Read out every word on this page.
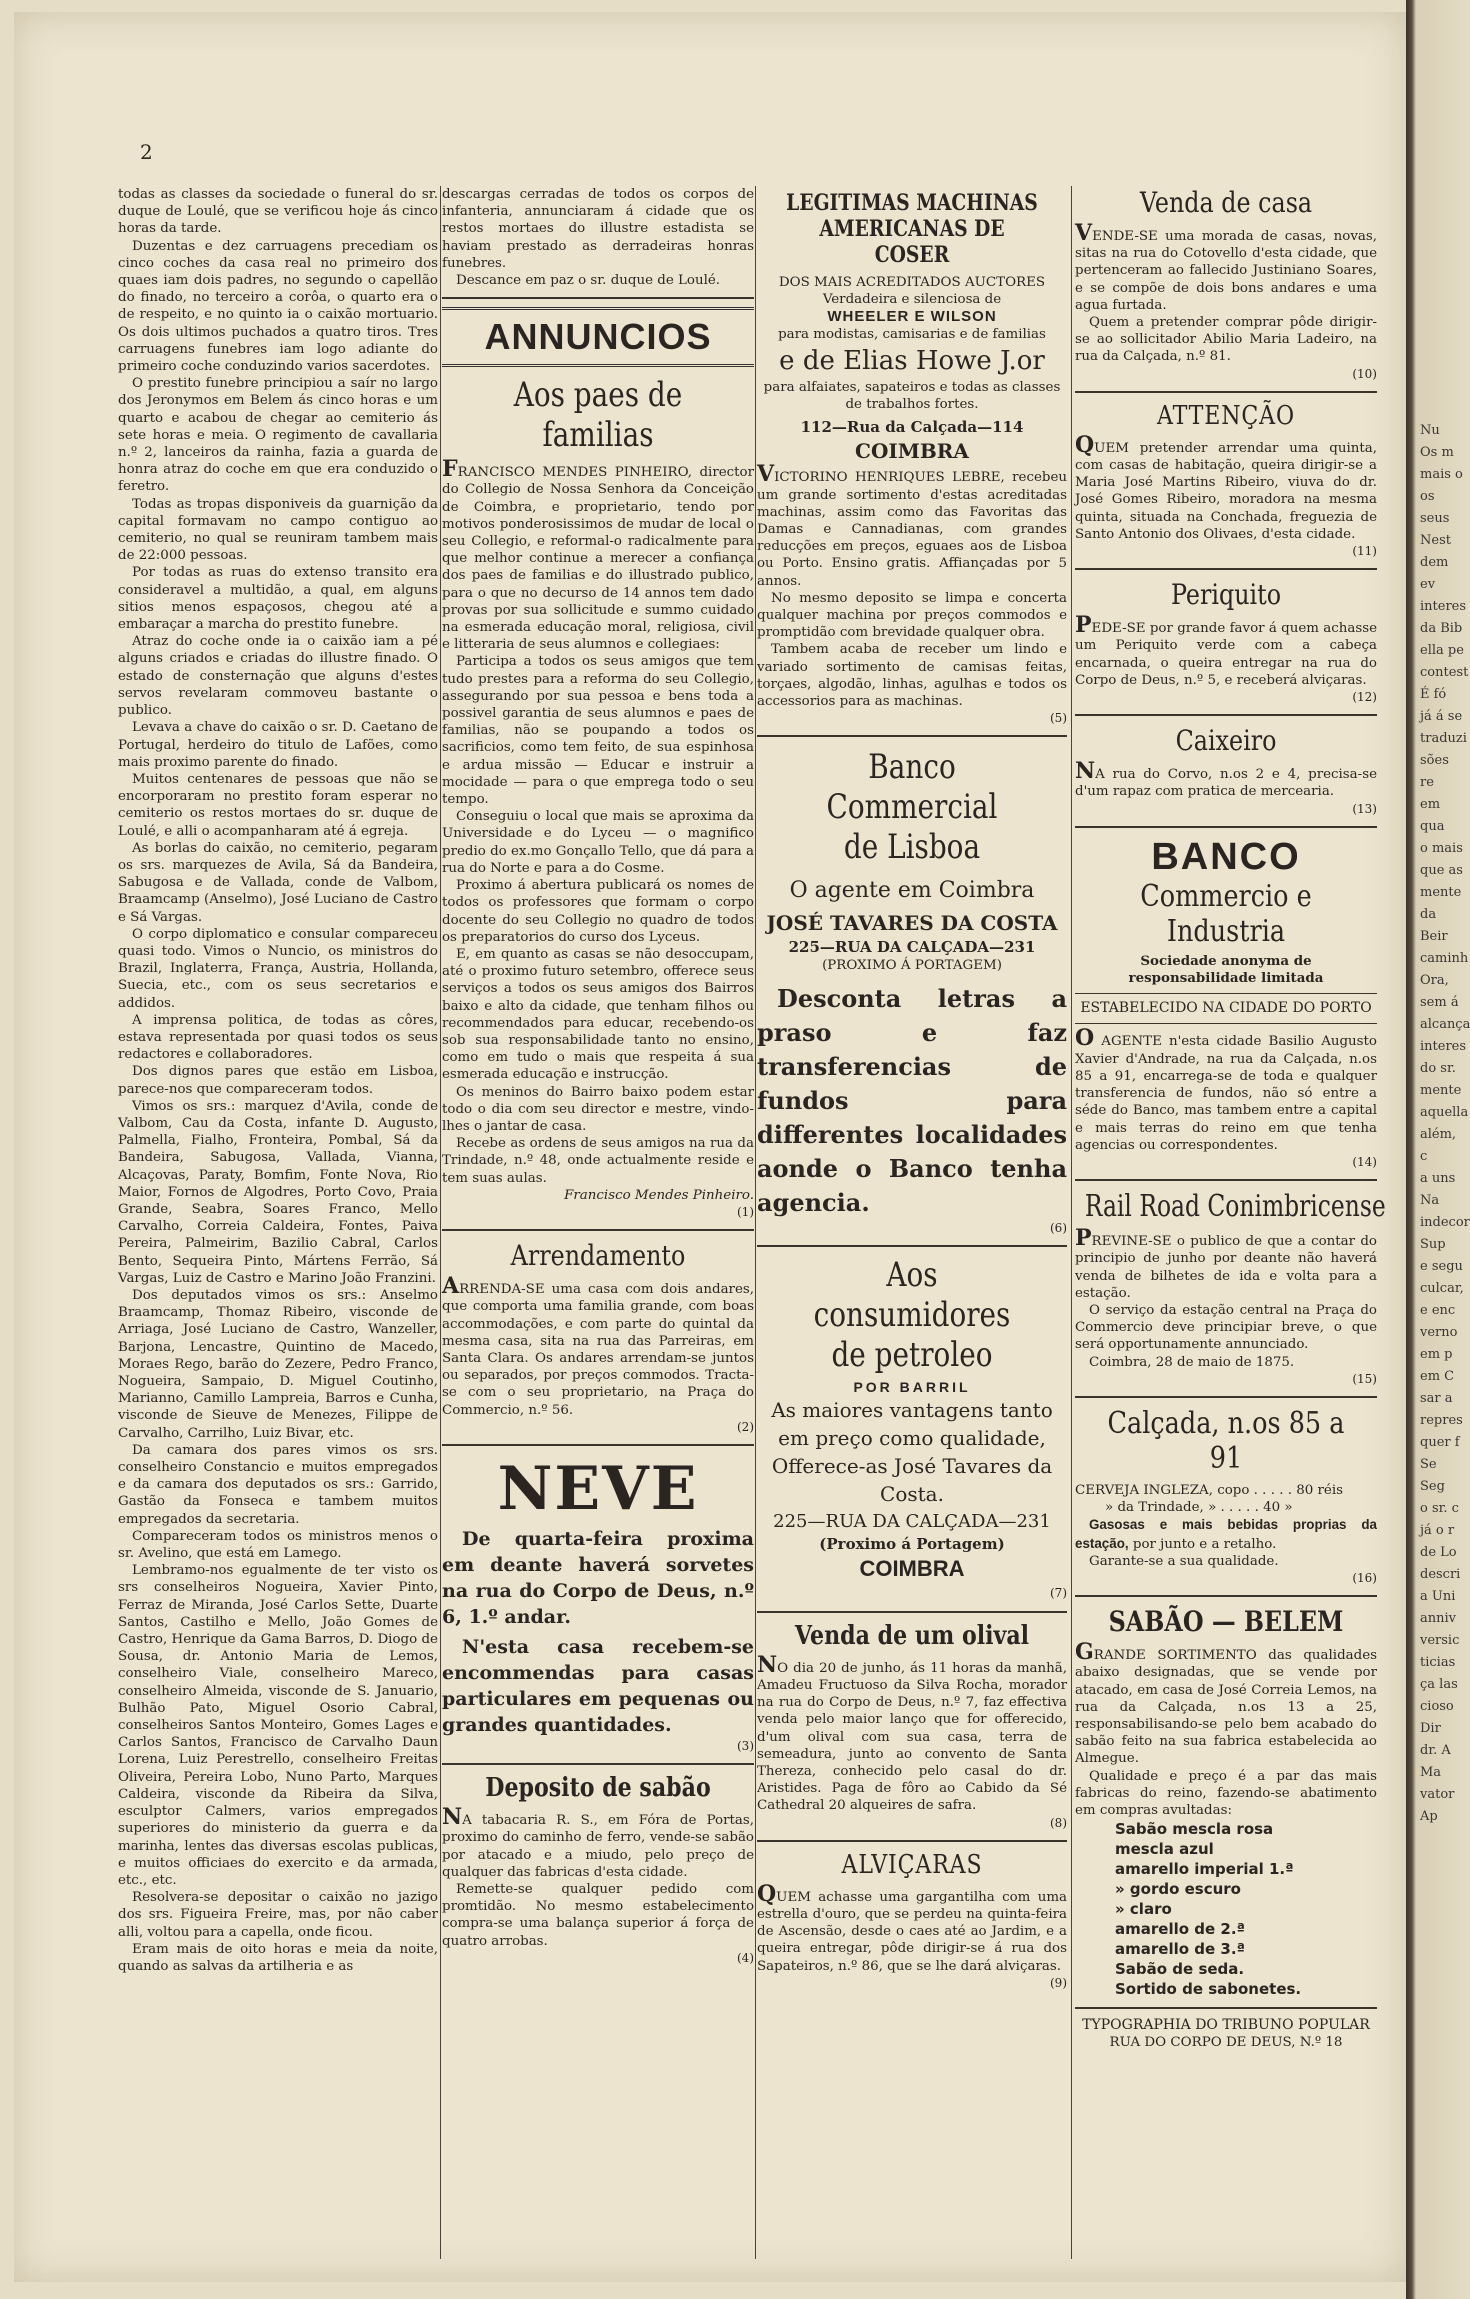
Nu
Os m
mais o
os seus
Nest
dem ev
interes
da Bib
ella pe
contest
É fó
já á se
traduzi
sões re
em qua
o mais
que as
mente
da Beir
caminh
Ora,
sem á
alcança
interes
do sr.
mente
aquella
além, c
a uns
Na
indecor
Sup
e segu
culcar,
e enc
verno
em p
em C
sar a
repres
quer f
Se
Seg
o sr. c
já o r
de Lo
descri
a Uni
anniv
versic
ticias
ça las
cioso
Dir
dr. A
Ma
vator
Ap
2

todas as classes da sociedade o funeral do sr. duque de Loulé, que se verificou hoje ás cinco horas da tarde.

Duzentas e dez carruagens precediam os cinco coches da casa real no primeiro dos quaes iam dois padres, no segundo o capellão do finado, no terceiro a corôa, o quarto era o de respeito, e no quinto ia o caixão mortuario. Os dois ultimos puchados a quatro tiros. Tres carruagens funebres iam logo adiante do primeiro coche conduzindo varios sacerdotes.

O prestito funebre principiou a saír no largo dos Jeronymos em Belem ás cinco horas e um quarto e acabou de chegar ao cemiterio ás sete horas e meia. O regimento de cavallaria n.º 2, lanceiros da rainha, fazia a guarda de honra atraz do coche em que era conduzido o feretro.

Todas as tropas disponiveis da guarnição da capital formavam no campo contiguo ao cemiterio, no qual se reuniram tambem mais de 22:000 pessoas.

Por todas as ruas do extenso transito era consideravel a multidão, a qual, em alguns sitios menos espaçosos, chegou até a embaraçar a marcha do prestito funebre.

Atraz do coche onde ia o caixão iam a pé alguns criados e criadas do illustre finado. O estado de consternação que alguns d'estes servos revelaram commoveu bastante o publico.

Levava a chave do caixão o sr. D. Caetano de Portugal, herdeiro do titulo de Lafões, como mais proximo parente do finado.

Muitos centenares de pessoas que não se encorporaram no prestito foram esperar no cemiterio os restos mortaes do sr. duque de Loulé, e alli o acompanharam até á egreja.

As borlas do caixão, no cemiterio, pegaram os srs. marquezes de Avila, Sá da Bandeira, Sabugosa e de Vallada, conde de Valbom, Braamcamp (Anselmo), José Luciano de Castro e Sá Vargas.

O corpo diplomatico e consular compareceu quasi todo. Vimos o Nuncio, os ministros do Brazil, Inglaterra, França, Austria, Hollanda, Suecia, etc., com os seus secretarios e addidos.

A imprensa politica, de todas as côres, estava representada por quasi todos os seus redactores e collaboradores.

Dos dignos pares que estão em Lisboa, parece-nos que compareceram todos.

Vimos os srs.: marquez d'Avila, conde de Valbom, Cau da Costa, infante D. Augusto, Palmella, Fialho, Fronteira, Pombal, Sá da Bandeira, Sabugosa, Vallada, Vianna, Alcaçovas, Paraty, Bomfim, Fonte Nova, Rio Maior, Fornos de Algodres, Porto Covo, Praia Grande, Seabra, Soares Franco, Mello Carvalho, Correia Caldeira, Fontes, Paiva Pereira, Palmeirim, Bazilio Cabral, Carlos Bento, Sequeira Pinto, Mártens Ferrão, Sá Vargas, Luiz de Castro e Marino João Franzini.

Dos deputados vimos os srs.: Anselmo Braamcamp, Thomaz Ribeiro, visconde de Arriaga, José Luciano de Castro, Wanzeller, Barjona, Lencastre, Quintino de Macedo, Moraes Rego, barão do Zezere, Pedro Franco, Nogueira, Sampaio, D. Miguel Coutinho, Marianno, Camillo Lampreia, Barros e Cunha, visconde de Sieuve de Menezes, Filippe de Carvalho, Carrilho, Luiz Bivar, etc.

Da camara dos pares vimos os srs. conselheiro Constancio e muitos empregados e da camara dos deputados os srs.: Garrido, Gastão da Fonseca e tambem muitos empregados da secretaria.

Compareceram todos os ministros menos o sr. Avelino, que está em Lamego.

Lembramo-nos egualmente de ter visto os srs conselheiros Nogueira, Xavier Pinto, Ferraz de Miranda, José Carlos Sette, Duarte Santos, Castilho e Mello, João Gomes de Castro, Henrique da Gama Barros, D. Diogo de Sousa, dr. Antonio Maria de Lemos, conselheiro Viale, conselheiro Mareco, conselheiro Almeida, visconde de S. Januario, Bulhão Pato, Miguel Osorio Cabral, conselheiros Santos Monteiro, Gomes Lages e Carlos Santos, Francisco de Carvalho Daun Lorena, Luiz Perestrello, conselheiro Freitas Oliveira, Pereira Lobo, Nuno Parto, Marques Caldeira, visconde da Ribeira da Silva, esculptor Calmers, varios empregados superiores do ministerio da guerra e da marinha, lentes das diversas escolas publicas, e muitos officiaes do exercito e da armada, etc., etc.

Resolvera-se depositar o caixão no jazigo dos srs. Figueira Freire, mas, por não caber alli, voltou para a capella, onde ficou.

Eram mais de oito horas e meia da noite, quando as salvas da artilheria e as

descargas cerradas de todos os corpos de infanteria, annunciaram á cidade que os restos mortaes do illustre estadista se haviam prestado as derradeiras honras funebres.

Descance em paz o sr. duque de Loulé.

ANNUNCIOS
Aos paes de familias

FRANCISCO MENDES PINHEIRO, director do Collegio de Nossa Senhora da Conceição de Coimbra, e proprietario, tendo por motivos ponderosissimos de mudar de local o seu Collegio, e reformal-o radicalmente para que melhor continue a merecer a confiança dos paes de familias e do illustrado publico, para o que no decurso de 14 annos tem dado provas por sua sollicitude e summo cuidado na esmerada educação moral, religiosa, civil e litteraria de seus alumnos e collegiaes:

Participa a todos os seus amigos que tem tudo prestes para a reforma do seu Collegio, assegurando por sua pessoa e bens toda a possivel garantia de seus alumnos e paes de familias, não se poupando a todos os sacrificios, como tem feito, de sua espinhosa e ardua missão — Educar e instruir a mocidade — para o que emprega todo o seu tempo.

Conseguiu o local que mais se aproxima da Universidade e do Lyceu — o magnifico predio do ex.mo Gonçallo Tello, que dá para a rua do Norte e para a do Cosme.

Proximo á abertura publicará os nomes de todos os professores que formam o corpo docente do seu Collegio no quadro de todos os preparatorios do curso dos Lyceus.

E, em quanto as casas se não desoccupam, até o proximo futuro setembro, offerece seus serviços a todos os seus amigos dos Bairros baixo e alto da cidade, que tenham filhos ou recommendados para educar, recebendo-os sob sua responsabilidade tanto no ensino, como em tudo o mais que respeita á sua esmerada educação e instrucção.

Os meninos do Bairro baixo podem estar todo o dia com seu director e mestre, vindo-lhes o jantar de casa.

Recebe as ordens de seus amigos na rua da Trindade, n.º 48, onde actualmente reside e tem suas aulas.

Francisco Mendes Pinheiro.

(1)

Arrendamento

ARRENDA-SE uma casa com dois andares, que comporta uma familia grande, com boas accommodações, e com parte do quintal da mesma casa, sita na rua das Parreiras, em Santa Clara. Os andares arrendam-se juntos ou separados, por preços commodos. Tracta-se com o seu proprietario, na Praça do Commercio, n.º 56.

(2)

NEVE

De quarta-feira proxima em deante haverá sorvetes na rua do Corpo de Deus, n.º 6, 1.º andar.

N'esta casa recebem-se encommendas para casas particulares em pequenas ou grandes quantidades.

(3)

Deposito de sabão

NA tabacaria R. S., em Fóra de Portas, proximo do caminho de ferro, vende-se sabão por atacado e a miudo, pelo preço de qualquer das fabricas d'esta cidade.

Remette-se qualquer pedido com promtidão. No mesmo estabelecimento compra-se uma balança superior á força de quatro arrobas.

(4)

LEGITIMAS MACHINAS AMERICANAS DE COSER

DOS MAIS ACREDITADOS AUCTORES

Verdadeira e silenciosa de

WHEELER E WILSON

para modistas, camisarias e de familias

e de Elias Howe J.or

para alfaiates, sapateiros e todas as classes de trabalhos fortes.

112—Rua da Calçada—114

COIMBRA

VICTORINO HENRIQUES LEBRE, recebeu um grande sortimento d'estas acreditadas machinas, assim como das Favoritas das Damas e Cannadianas, com grandes reducções em preços, eguaes aos de Lisboa ou Porto. Ensino gratis. Affiançadas por 5 annos.

No mesmo deposito se limpa e concerta qualquer machina por preços commodos e promptidão com brevidade qualquer obra.

Tambem acaba de receber um lindo e variado sortimento de camisas feitas, torçaes, algodão, linhas, agulhas e todos os accessorios para as machinas.

(5)

Banco Commercial
de Lisboa

O agente em Coimbra

JOSÉ TAVARES DA COSTA

225—RUA DA CALÇADA—231

(PROXIMO Á PORTAGEM)

Desconta letras a praso e faz transferencias de fundos para differentes localidades aonde o Banco tenha agencia.

(6)

Aos consumidores
de petroleo

POR BARRIL

As maiores vantagens tanto em preço como qualidade, Offerece-as José Tavares da Costa.

225—RUA DA CALÇADA—231

(Proximo á Portagem)

COIMBRA

(7)

Venda de um olival

NO dia 20 de junho, ás 11 horas da manhã, Amadeu Fructuoso da Silva Rocha, morador na rua do Corpo de Deus, n.º 7, faz effectiva venda pelo maior lanço que for offerecido, d'um olival com sua casa, terra de semeadura, junto ao convento de Santa Thereza, conhecido pelo casal do dr. Aristides. Paga de fôro ao Cabido da Sé Cathedral 20 alqueires de safra.

(8)

ALVIÇARAS

QUEM achasse uma gargantilha com uma estrella d'ouro, que se perdeu na quinta-feira de Ascensão, desde o caes até ao Jardim, e a queira entregar, pôde dirigir-se á rua dos Sapateiros, n.º 86, que se lhe dará alviçaras.

(9)

Venda de casa

VENDE-SE uma morada de casas, novas, sitas na rua do Cotovello d'esta cidade, que pertenceram ao fallecido Justiniano Soares, e se compõe de dois bons andares e uma agua furtada.

Quem a pretender comprar pôde dirigir-se ao sollicitador Abilio Maria Ladeiro, na rua da Calçada, n.º 81.

(10)

ATTENÇÃO

QUEM pretender arrendar uma quinta, com casas de habitação, queira dirigir-se a Maria José Martins Ribeiro, viuva do dr. José Gomes Ribeiro, moradora na mesma quinta, situada na Conchada, freguezia de Santo Antonio dos Olivaes, d'esta cidade.

(11)

Periquito

PEDE-SE por grande favor á quem achasse um Periquito verde com a cabeça encarnada, o queira entregar na rua do Corpo de Deus, n.º 5, e receberá alviçaras.

(12)

Caixeiro

NA rua do Corvo, n.os 2 e 4, precisa-se d'um rapaz com pratica de mercearia.

(13)

BANCO
Commercio e Industria

Sociedade anonyma de responsabilidade limitada

ESTABELECIDO NA CIDADE DO PORTO

O AGENTE n'esta cidade Basilio Augusto Xavier d'Andrade, na rua da Calçada, n.os 85 a 91, encarrega-se de toda e qualquer transferencia de fundos, não só entre a séde do Banco, mas tambem entre a capital e mais terras do reino em que tenha agencias ou correspondentes.

(14)

Rail Road Conimbricense

PREVINE-SE o publico de que a contar do principio de junho por deante não haverá venda de bilhetes de ida e volta para a estação.

O serviço da estação central na Praça do Commercio deve principiar breve, o que será opportunamente annunciado.

Coimbra, 28 de maio de 1875.

(15)

Calçada, n.os 85 a 91

CERVEJA INGLEZA, copo . . . . . 80 réis

» da Trindade, » . . . . . 40 »

Gasosas e mais bebidas proprias da estação, por junto e a retalho.

Garante-se a sua qualidade.

(16)

SABÃO — BELEM

GRANDE SORTIMENTO das qualidades abaixo designadas, que se vende por atacado, em casa de José Correia Lemos, na rua da Calçada, n.os 13 a 25, responsabilisando-se pelo bem acabado do sabão feito na sua fabrica estabelecida ao Almegue.

Qualidade e preço é a par das mais fabricas do reino, fazendo-se abatimento em compras avultadas:

Sabão mescla rosa
mescla azul
amarello imperial 1.ª
» gordo escuro
» claro
amarello de 2.ª
amarello de 3.ª
Sabão de seda.
Sortido de sabonetes.

TYPOGRAPHIA DO TRIBUNO POPULAR

RUA DO CORPO DE DEUS, N.º 18
